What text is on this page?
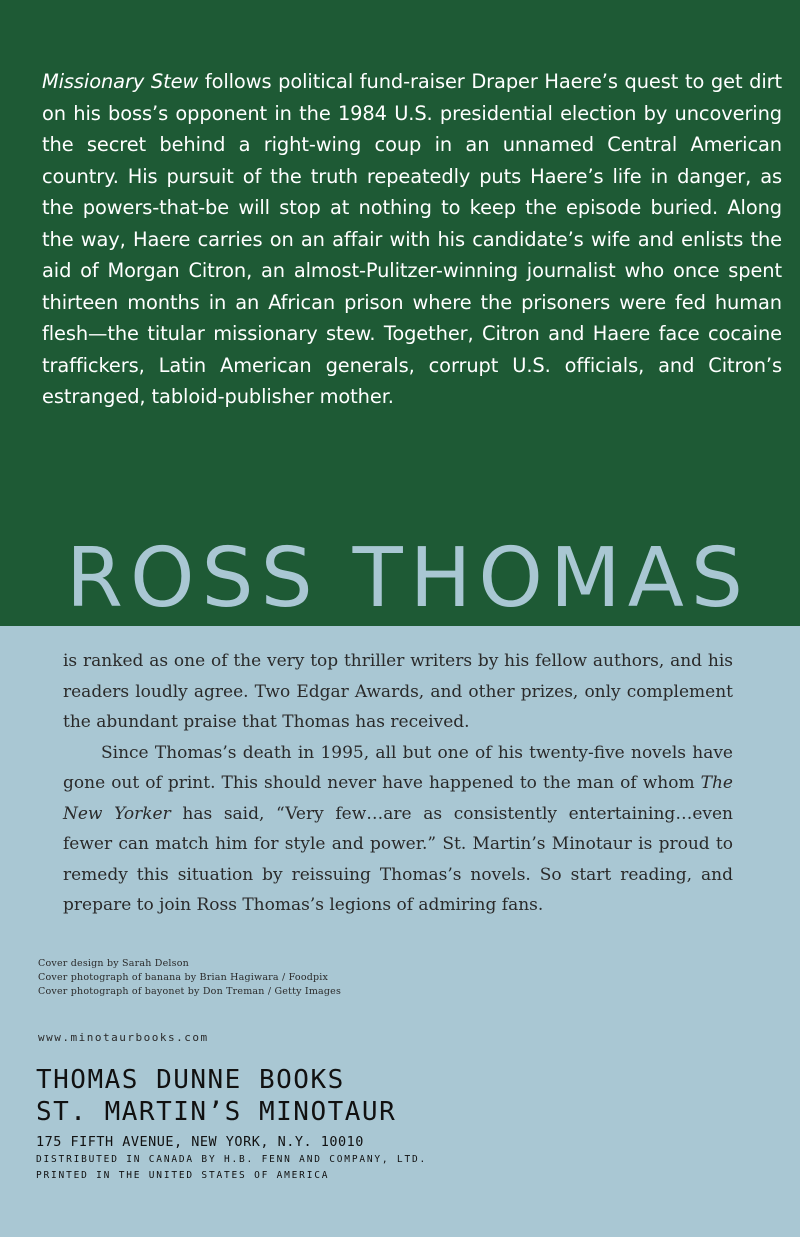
Missionary Stew follows political fund-raiser Draper Haere’s quest to get dirt on his boss’s opponent in the 1984 U.S. presidential election by uncovering the secret behind a right-wing coup in an unnamed Central American country. His pursuit of the truth repeatedly puts Haere’s life in danger, as the powers-that-be will stop at nothing to keep the episode buried. Along the way, Haere carries on an affair with his candidate’s wife and enlists the aid of Morgan Citron, an almost-Pulitzer-winning journalist who once spent thirteen months in an African prison where the prisoners were fed human flesh—the titular missionary stew. Together, Citron and Haere face cocaine traffickers, Latin American generals, corrupt U.S. officials, and Citron’s estranged, tabloid-publisher mother.

ROSS THOMAS

is ranked as one of the very top thriller writers by his fellow authors, and his readers loudly agree. Two Edgar Awards, and other prizes, only complement the abundant praise that Thomas has received.

Since Thomas’s death in 1995, all but one of his twenty-five novels have gone out of print. This should never have happened to the man of whom The New Yorker has said, “Very few…are as consistently entertaining…even fewer can match him for style and power.” St. Martin’s Minotaur is proud to remedy this situation by reissuing Thomas’s novels. So start reading, and prepare to join Ross Thomas’s legions of admiring fans.

Cover design by Sarah Delson
Cover photograph of banana by Brian Hagiwara / Foodpix
Cover photograph of bayonet by Don Treman / Getty Images
www.minotaurbooks.com
THOMAS DUNNE BOOKS
ST. MARTIN’S MINOTAUR
175 FIFTH AVENUE, NEW YORK, N.Y. 10010
DISTRIBUTED IN CANADA BY H.B. FENN AND COMPANY, LTD.
PRINTED IN THE UNITED STATES OF AMERICA
